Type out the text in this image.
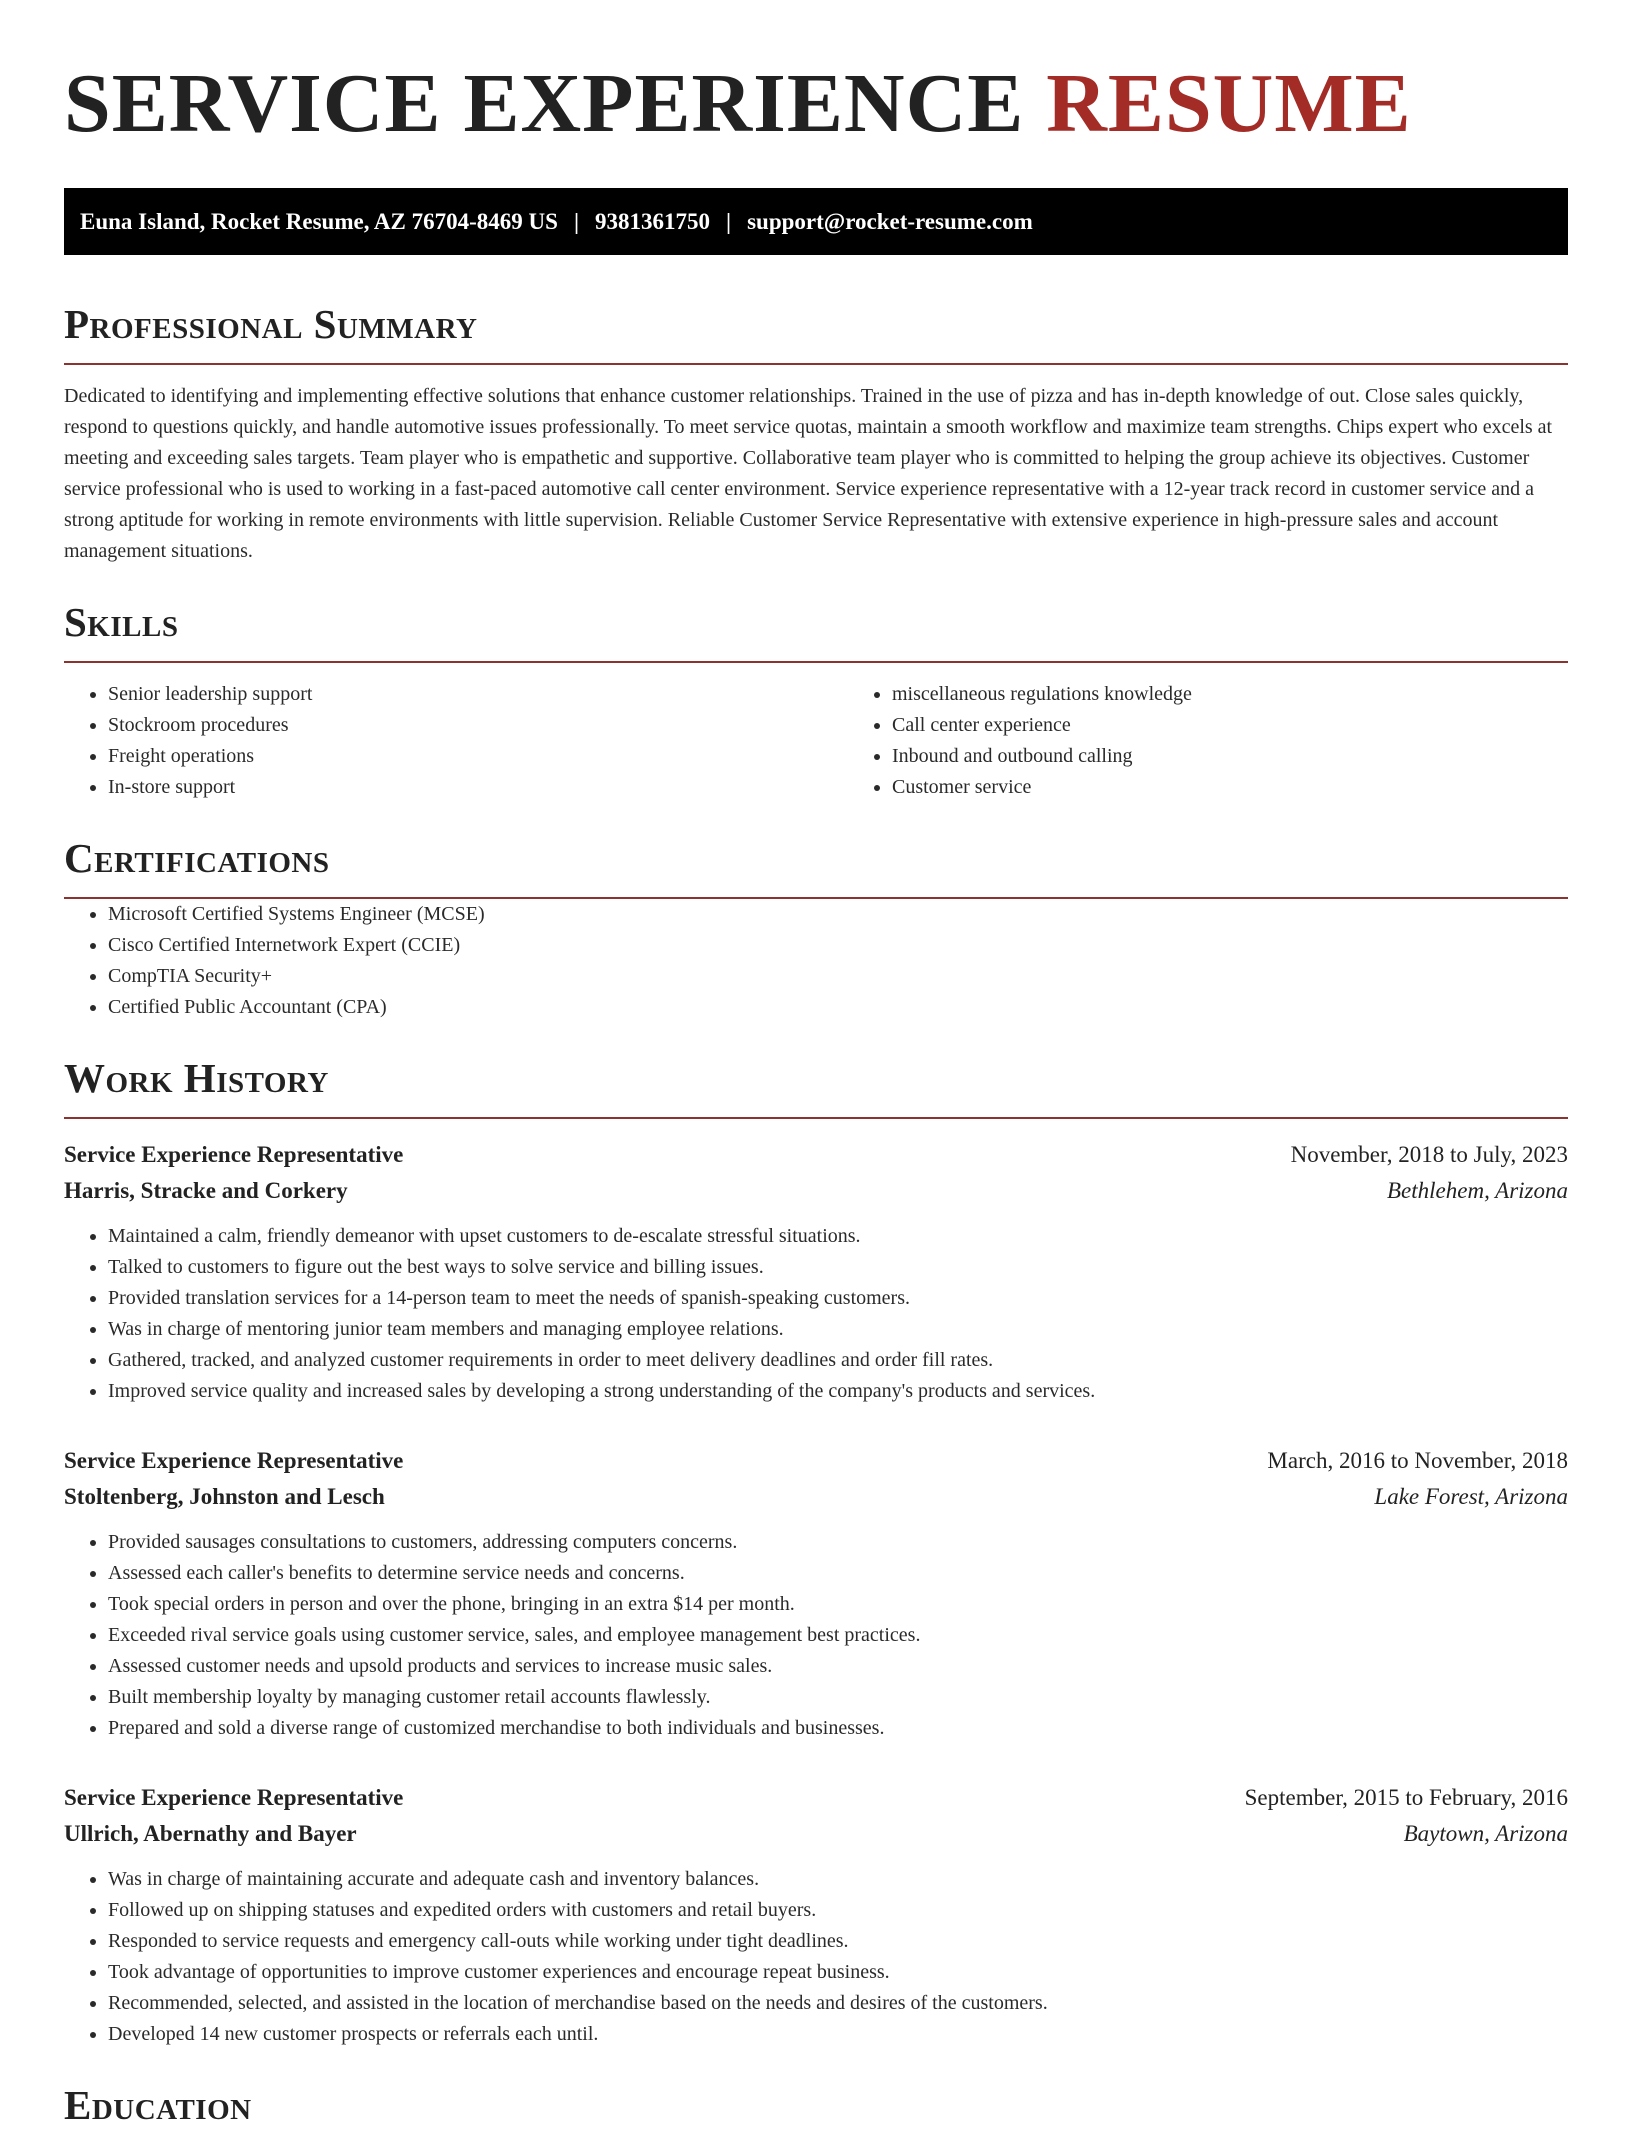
SERVICE EXPERIENCE RESUME
Euna Island, Rocket Resume, AZ 76704-8469 US | 9381361750 | support@rocket-resume.com
Professional Summary

Dedicated to identifying and implementing effective solutions that enhance customer relationships. Trained in the use of pizza and has in-depth knowledge of out. Close sales quickly, respond to questions quickly, and handle automotive issues professionally. To meet service quotas, maintain a smooth workflow and maximize team strengths. Chips expert who excels at meeting and exceeding sales targets. Team player who is empathetic and supportive. Collaborative team player who is committed to helping the group achieve its objectives. Customer service professional who is used to working in a fast-paced automotive call center environment. Service experience representative with a 12-year track record in customer service and a strong aptitude for working in remote environments with little supervision. Reliable Customer Service Representative with extensive experience in high-pressure sales and account management situations.

Skills
• Senior leadership support
• Stockroom procedures
• Freight operations
• In-store support
• miscellaneous regulations knowledge
• Call center experience
• Inbound and outbound calling
• Customer service
Certifications
• Microsoft Certified Systems Engineer (MCSE)
• Cisco Certified Internetwork Expert (CCIE)
• CompTIA Security+
• Certified Public Accountant (CPA)
Work History
Service Experience Representative	November, 2018 to July, 2023
Harris, Stracke and Corkery	Bethlehem, Arizona
• Maintained a calm, friendly demeanor with upset customers to de-escalate stressful situations.
• Talked to customers to figure out the best ways to solve service and billing issues.
• Provided translation services for a 14-person team to meet the needs of spanish-speaking customers.
• Was in charge of mentoring junior team members and managing employee relations.
• Gathered, tracked, and analyzed customer requirements in order to meet delivery deadlines and order fill rates.
• Improved service quality and increased sales by developing a strong understanding of the company's products and services.
Service Experience Representative	March, 2016 to November, 2018
Stoltenberg, Johnston and Lesch	Lake Forest, Arizona
• Provided sausages consultations to customers, addressing computers concerns.
• Assessed each caller's benefits to determine service needs and concerns.
• Took special orders in person and over the phone, bringing in an extra $14 per month.
• Exceeded rival service goals using customer service, sales, and employee management best practices.
• Assessed customer needs and upsold products and services to increase music sales.
• Built membership loyalty by managing customer retail accounts flawlessly.
• Prepared and sold a diverse range of customized merchandise to both individuals and businesses.
Service Experience Representative	September, 2015 to February, 2016
Ullrich, Abernathy and Bayer	Baytown, Arizona
• Was in charge of maintaining accurate and adequate cash and inventory balances.
• Followed up on shipping statuses and expedited orders with customers and retail buyers.
• Responded to service requests and emergency call-outs while working under tight deadlines.
• Took advantage of opportunities to improve customer experiences and encourage repeat business.
• Recommended, selected, and assisted in the location of merchandise based on the needs and desires of the customers.
• Developed 14 new customer prospects or referrals each until.
Education
